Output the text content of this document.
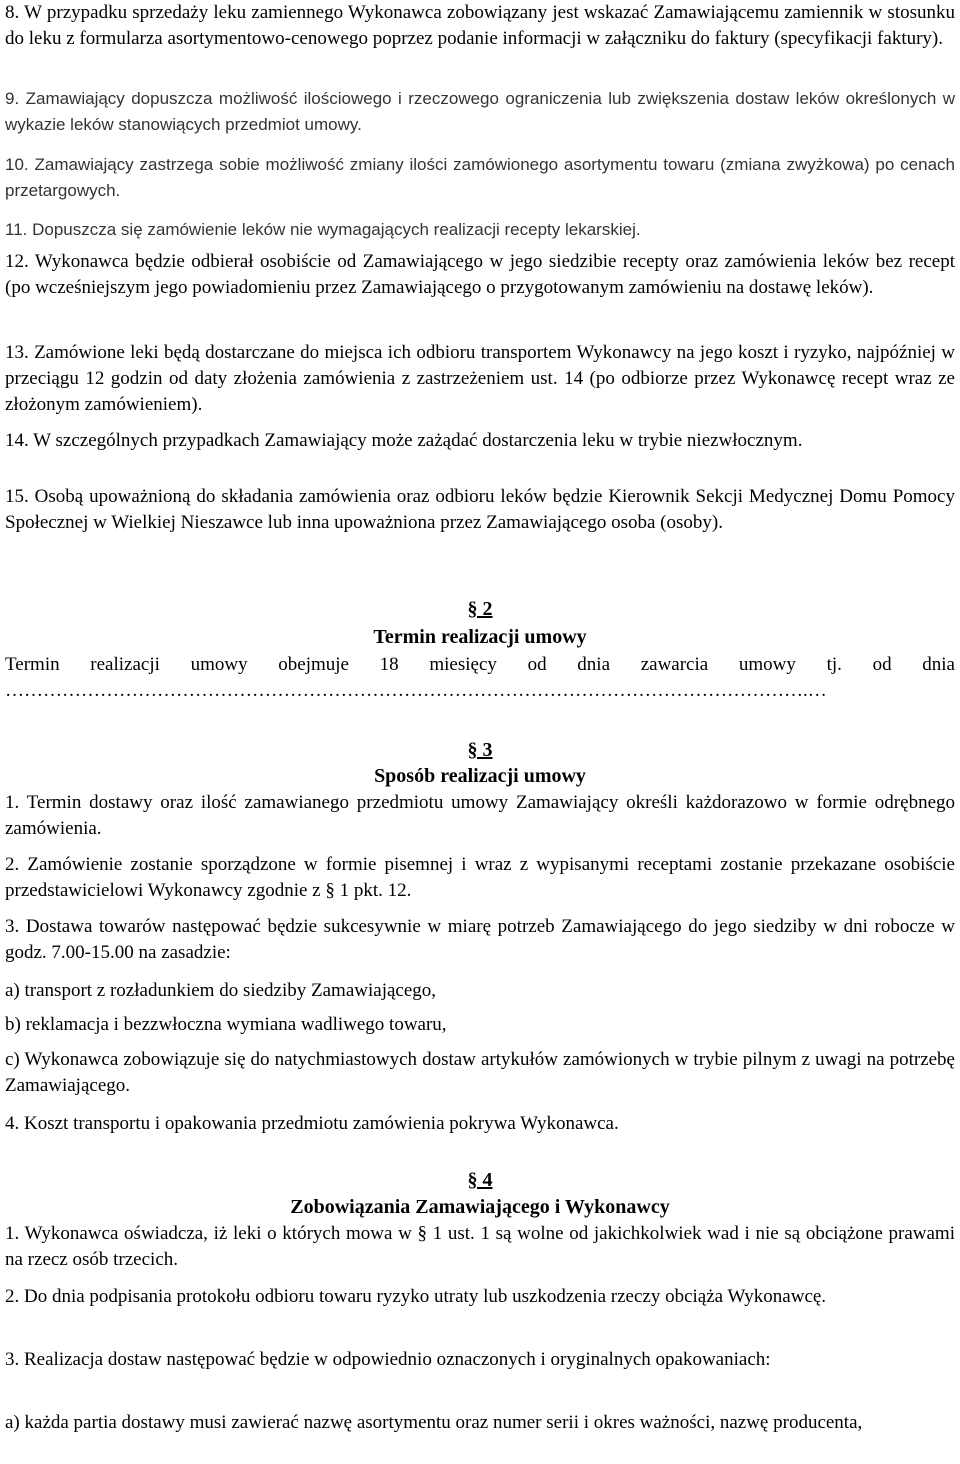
8. W przypadku sprzedaży leku zamiennego Wykonawca zobowiązany jest wskazać Zamawiającemu zamiennik w stosunku do leku z formularza asortymentowo-cenowego poprzez podanie informacji w załączniku do faktury (specyfikacji faktury).

9. Zamawiający dopuszcza możliwość ilościowego i rzeczowego ograniczenia lub zwiększenia dostaw leków określonych w wykazie leków stanowiących przedmiot umowy.

10. Zamawiający zastrzega sobie możliwość zmiany ilości zamówionego asortymentu towaru (zmiana zwyżkowa) po cenach przetargowych.

11. Dopuszcza się zamówienie leków nie wymagających realizacji recepty lekarskiej.

12. Wykonawca będzie odbierał osobiście od Zamawiającego w jego siedzibie recepty oraz zamówienia leków bez recept (po wcześniejszym jego powiadomieniu przez Zamawiającego o przygotowanym zamówieniu na dostawę leków).

13. Zamówione leki będą dostarczane do miejsca ich odbioru transportem Wykonawcy na jego koszt i ryzyko, najpóźniej w przeciągu 12 godzin od daty złożenia zamówienia z zastrzeżeniem ust. 14 (po odbiorze przez Wykonawcę recept wraz ze złożonym zamówieniem).

14. W szczególnych przypadkach Zamawiający może zażądać dostarczenia leku w trybie niezwłocznym.

15. Osobą upoważnioną do składania zamówienia oraz odbioru leków będzie Kierownik Sekcji Medycznej Domu Pomocy Społecznej w Wielkiej Nieszawce lub inna upoważniona przez Zamawiającego osoba (osoby).

§ 2
Termin realizacji umowy

Termin realizacji umowy obejmuje 18 miesięcy od dnia zawarcia umowy tj. od dnia

……………………………………………………………………………………………………………….…
§ 3
Sposób realizacji umowy

1. Termin dostawy oraz ilość zamawianego przedmiotu umowy Zamawiający określi każdorazowo w formie odrębnego zamówienia.

2. Zamówienie zostanie sporządzone w formie pisemnej i wraz z wypisanymi receptami zostanie przekazane osobiście przedstawicielowi Wykonawcy zgodnie z § 1 pkt. 12.

3. Dostawa towarów następować będzie sukcesywnie w miarę potrzeb Zamawiającego do jego siedziby w dni robocze w godz. 7.00-15.00 na zasadzie:

a) transport z rozładunkiem do siedziby Zamawiającego,

b) reklamacja i bezzwłoczna wymiana wadliwego towaru,

c) Wykonawca zobowiązuje się do natychmiastowych dostaw artykułów zamówionych w trybie pilnym z uwagi na potrzebę Zamawiającego.

4. Koszt transportu i opakowania przedmiotu zamówienia pokrywa Wykonawca.

§ 4
Zobowiązania Zamawiającego i Wykonawcy

1. Wykonawca oświadcza, iż leki o których mowa w § 1 ust. 1 są wolne od jakichkolwiek wad i nie są obciążone prawami na rzecz osób trzecich.

2. Do dnia podpisania protokołu odbioru towaru ryzyko utraty lub uszkodzenia rzeczy obciąża Wykonawcę.

3. Realizacja dostaw następować będzie w odpowiednio oznaczonych i oryginalnych opakowaniach:

a) każda partia dostawy musi zawierać nazwę asortymentu oraz numer serii i okres ważności, nazwę producenta,
